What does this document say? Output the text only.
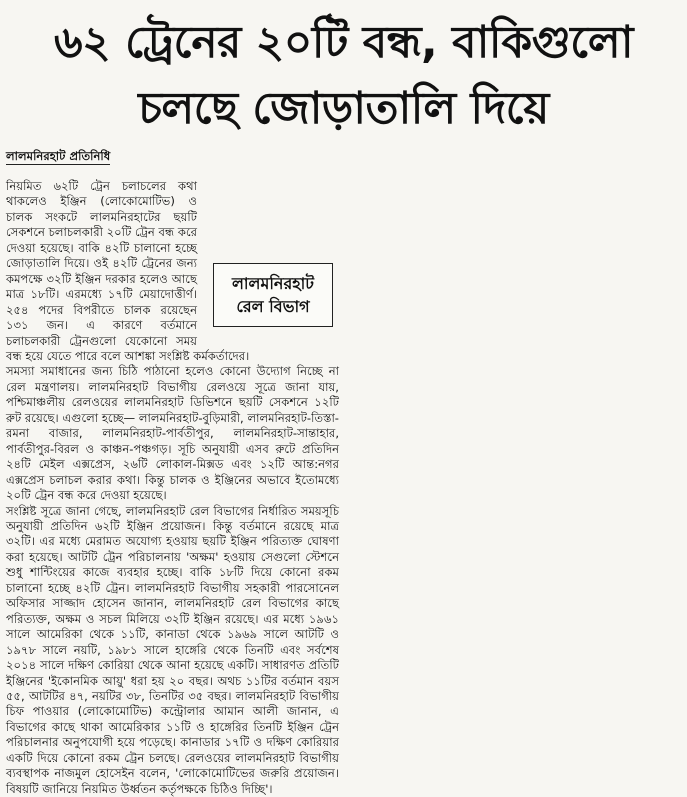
৬২ ট্রেনের ২০টি বন্ধ, বাকিগুলো
চলছে জোড়াতালি দিয়ে
লালমনিরহাট প্রতিনিধি
লালমনিরহাট
রেল বিভাগ

নিয়মিত ৬২টি ট্রেন চলাচলের কথা থাকলেও ইঞ্জিন (লোকোমোটিভ) ও চালক সংকটে লালমনিরহাটের ছয়টি সেকশনে চলাচলকারী ২০টি ট্রেন বন্ধ করে দেওয়া হয়েছে। বাকি ৪২টি চালানো হচ্ছে জোড়াতালি দিয়ে। ওই ৪২টি ট্রেনের জন্য কমপক্ষে ৩২টি ইঞ্জিন দরকার হলেও আছে মাত্র ১৮টি। এরমধ্যে ১৭টি মেয়াদোত্তীর্ণ। ২৫৪ পদের বিপরীতে চালক রয়েছেন ১৩১ জন। এ কারণে বর্তমানে চলাচলকারী ট্রেনগুলো যেকোনো সময় বন্ধ হয়ে যেতে পারে বলে আশঙ্কা সংশ্লিষ্ট কর্মকর্তাদের।

সমস্যা সমাধানের জন্য চিঠি পাঠানো হলেও কোনো উদ্যোগ নিচ্ছে না রেল মন্ত্রণালয়। লালমনিরহাট বিভাগীয় রেলওয়ে সূত্রে জানা যায়, পশ্চিমাঞ্চলীয় রেলওয়ের লালমনিরহাট ডিভিশনে ছয়টি সেকশনে ১২টি রুট রয়েছে। এগুলো হচ্ছে— লালমনিরহাট-বুড়িমারী, লালমনিরহাট-তিস্তা-রমনা বাজার, লালমনিরহাট-পার্বতীপুর, লালমনিরহাট-সান্তাহার, পার্বতীপুর-বিরল ও কাঞ্চন-পঞ্চগড়। সূচি অনুযায়ী এসব রুটে প্রতিদিন ২৪টি মেইল এক্সপ্রেস, ২৬টি লোকাল-মিক্সড এবং ১২টি আন্ত:নগর এক্সপ্রেস চলাচল করার কথা। কিন্তু চালক ও ইঞ্জিনের অভাবে ইতোমধ্যে ২০টি ট্রেন বন্ধ করে দেওয়া হয়েছে।

সংশ্লিষ্ট সূত্রে জানা গেছে, লালমনিরহাট রেল বিভাগের নির্ধারিত সময়সূচি অনুযায়ী প্রতিদিন ৬২টি ইঞ্জিন প্রয়োজন। কিন্তু বর্তমানে রয়েছে মাত্র ৩২টি। এর মধ্যে মেরামত অযোগ্য হওয়ায় ছয়টি ইঞ্জিন পরিত্যক্ত ঘোষণা করা হয়েছে। আটটি ট্রেন পরিচালনায় 'অক্ষম' হওয়ায় সেগুলো স্টেশনে শুধু শান্টিংয়ের কাজে ব্যবহার হচ্ছে। বাকি ১৮টি দিয়ে কোনো রকম চালানো হচ্ছে ৪২টি ট্রেন। লালমনিরহাট বিভাগীয় সহকারী পারসোনেল অফিসার সাজ্জাদ হোসেন জানান, লালমনিরহাট রেল বিভাগের কাছে পরিত্যক্ত, অক্ষম ও সচল মিলিয়ে ৩২টি ইঞ্জিন রয়েছে। এর মধ্যে ১৯৬১ সালে আমেরিকা থেকে ১১টি, কানাডা থেকে ১৯৬৯ সালে আটটি ও ১৯৭৮ সালে নয়টি, ১৯৮১ সালে হাঙ্গেরি থেকে তিনটি এবং সর্বশেষ ২০১৪ সালে দক্ষিণ কোরিয়া থেকে আনা হয়েছে একটি। সাধারণত প্রতিটি ইঞ্জিনের 'ইকোনমিক আয়ু' ধরা হয় ২০ বছর। অথচ ১১টির বর্তমান বয়স ৫৫, আটটির ৪৭, নয়টির ৩৮, তিনটির ৩৫ বছর। লালমনিরহাট বিভাগীয় চিফ পাওয়ার (লোকোমোটিভ) কন্ট্রোলার আমান আলী জানান, এ বিভাগের কাছে থাকা আমেরিকার ১১টি ও হাঙ্গেরির তিনটি ইঞ্জিন ট্রেন পরিচালনার অনুপযোগী হয়ে পড়েছে। কানাডার ১৭টি ও দক্ষিণ কোরিয়ার একটি দিয়ে কোনো রকম ট্রেন চলছে। রেলওয়ের লালমনিরহাট বিভাগীয় ব্যবস্থাপক নাজমুল হোসেইন বলেন, 'লোকোমোটিভের জরুরি প্রয়োজন। বিষয়টি জানিয়ে নিয়মিত উর্ধ্বতন কর্তৃপক্ষকে চিঠিও দিচ্ছি'।
